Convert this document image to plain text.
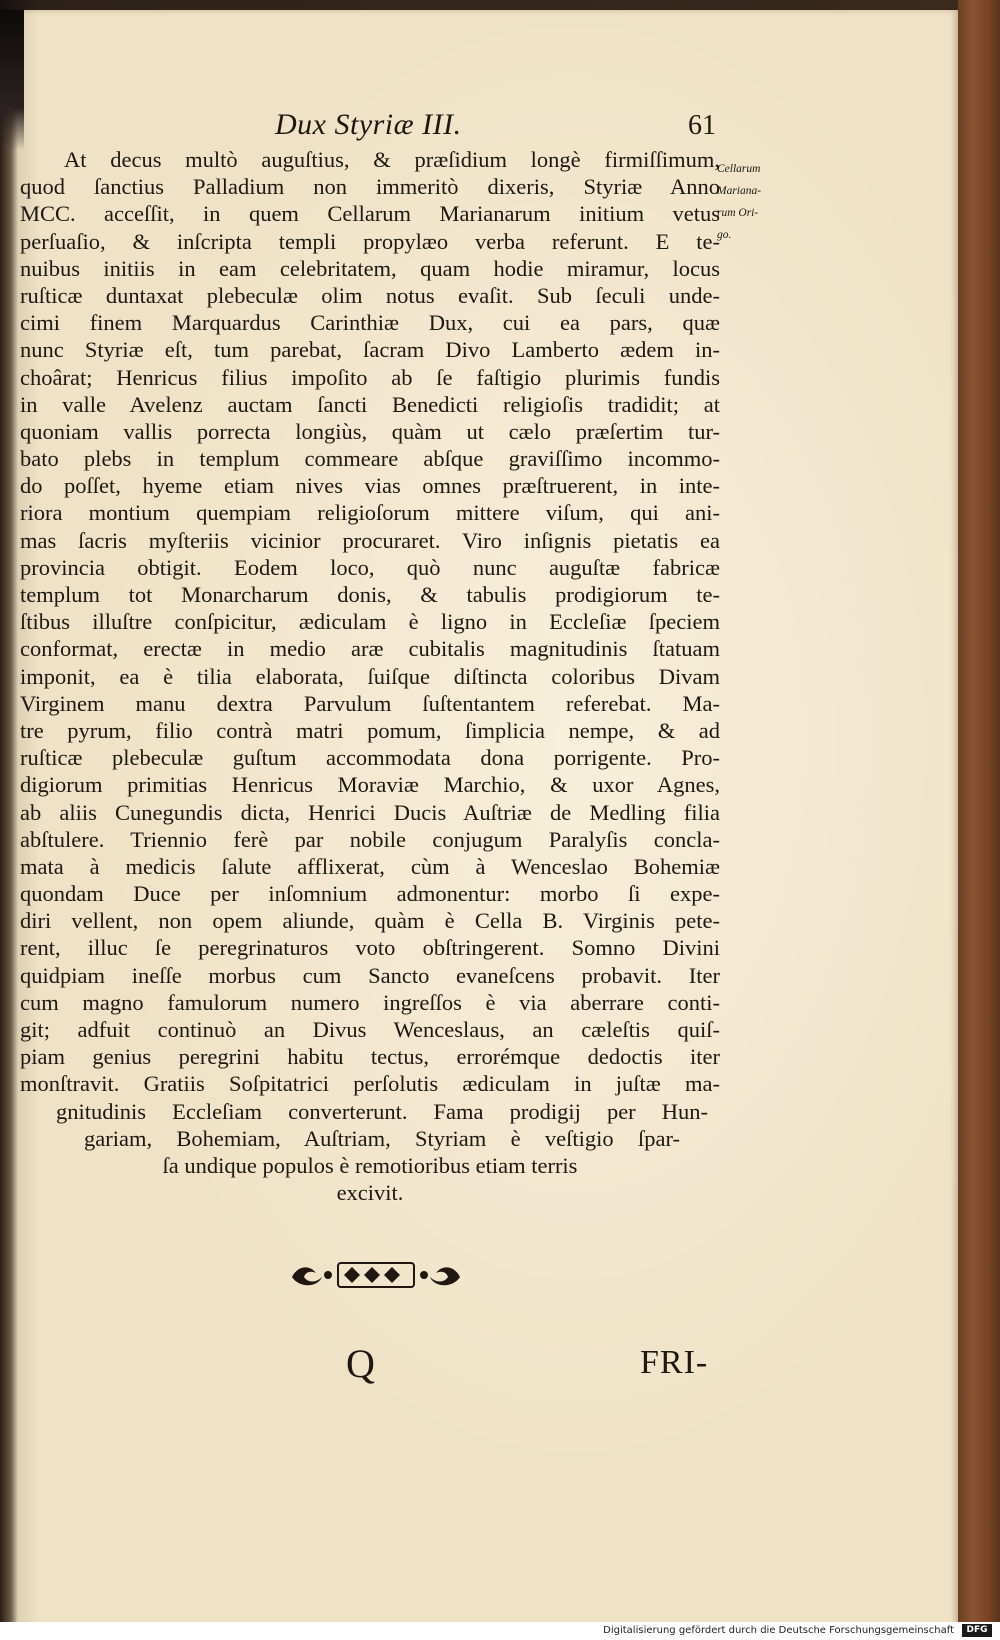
Dux Styriæ III.	61
Cellarum
Mariana-
rum Ori-
go.
At decus multò auguſtius, & præſidium longè firmiſſimum,
quod ſanctius Palladium non immeritò dixeris, Styriæ Anno
MCC. acceſſit, in quem Cellarum Marianarum initium vetus
perſuaſio, & inſcripta templi propylæo verba referunt. E te-
nuibus initiis in eam celebritatem, quam hodie miramur, locus
ruſticæ duntaxat plebeculæ olim notus evaſit. Sub ſeculi unde-
cimi finem Marquardus Carinthiæ Dux, cui ea pars, quæ
nunc Styriæ eſt, tum parebat, ſacram Divo Lamberto ædem in-
choârat; Henricus filius impoſito ab ſe faſtigio plurimis fundis
in valle Avelenz auctam ſancti Benedicti religioſis tradidit; at
quoniam vallis porrecta longiùs, quàm ut cælo præſertim tur-
bato plebs in templum commeare abſque graviſſimo incommo-
do poſſet, hyeme etiam nives vias omnes præſtruerent, in inte-
riora montium quempiam religioſorum mittere viſum, qui ani-
mas ſacris myſteriis vicinior procuraret. Viro inſignis pietatis ea
provincia obtigit. Eodem loco, quò nunc auguſtæ fabricæ
templum tot Monarcharum donis, & tabulis prodigiorum te-
ſtibus illuſtre conſpicitur, ædiculam è ligno in Eccleſiæ ſpeciem
conformat, erectæ in medio aræ cubitalis magnitudinis ſtatuam
imponit, ea è tilia elaborata, ſuiſque diſtincta coloribus Divam
Virginem manu dextra Parvulum ſuſtentantem referebat. Ma-
tre pyrum, filio contrà matri pomum, ſimplicia nempe, & ad
ruſticæ plebeculæ guſtum accommodata dona porrigente. Pro-
digiorum primitias Henricus Moraviæ Marchio, & uxor Agnes,
ab aliis Cunegundis dicta, Henrici Ducis Auſtriæ de Medling filia
abſtulere. Triennio ferè par nobile conjugum Paralyſis concla-
mata à medicis ſalute afflixerat, cùm à Wenceslao Bohemiæ
quondam Duce per inſomnium admonentur: morbo ſi expe-
diri vellent, non opem aliunde, quàm è Cella B. Virginis pete-
rent, illuc ſe peregrinaturos voto obſtringerent. Somno Divini
quidpiam ineſſe morbus cum Sancto evaneſcens probavit. Iter
cum magno famulorum numero ingreſſos è via aberrare conti-
git; adfuit continuò an Divus Wenceslaus, an cæleſtis quiſ-
piam genius peregrini habitu tectus, errorémque dedoctis iter
monſtravit. Gratiis Soſpitatrici perſolutis ædiculam in juſtæ ma-
gnitudinis Eccleſiam converterunt. Fama prodigij per Hun-
gariam, Bohemiam, Auſtriam, Styriam è veſtigio ſpar-
ſa undique populos è remotioribus etiam terris
excivit.
Q	FRI-
Digitalisierung gefördert durch die Deutsche Forschungsgemeinschaft	DFG
